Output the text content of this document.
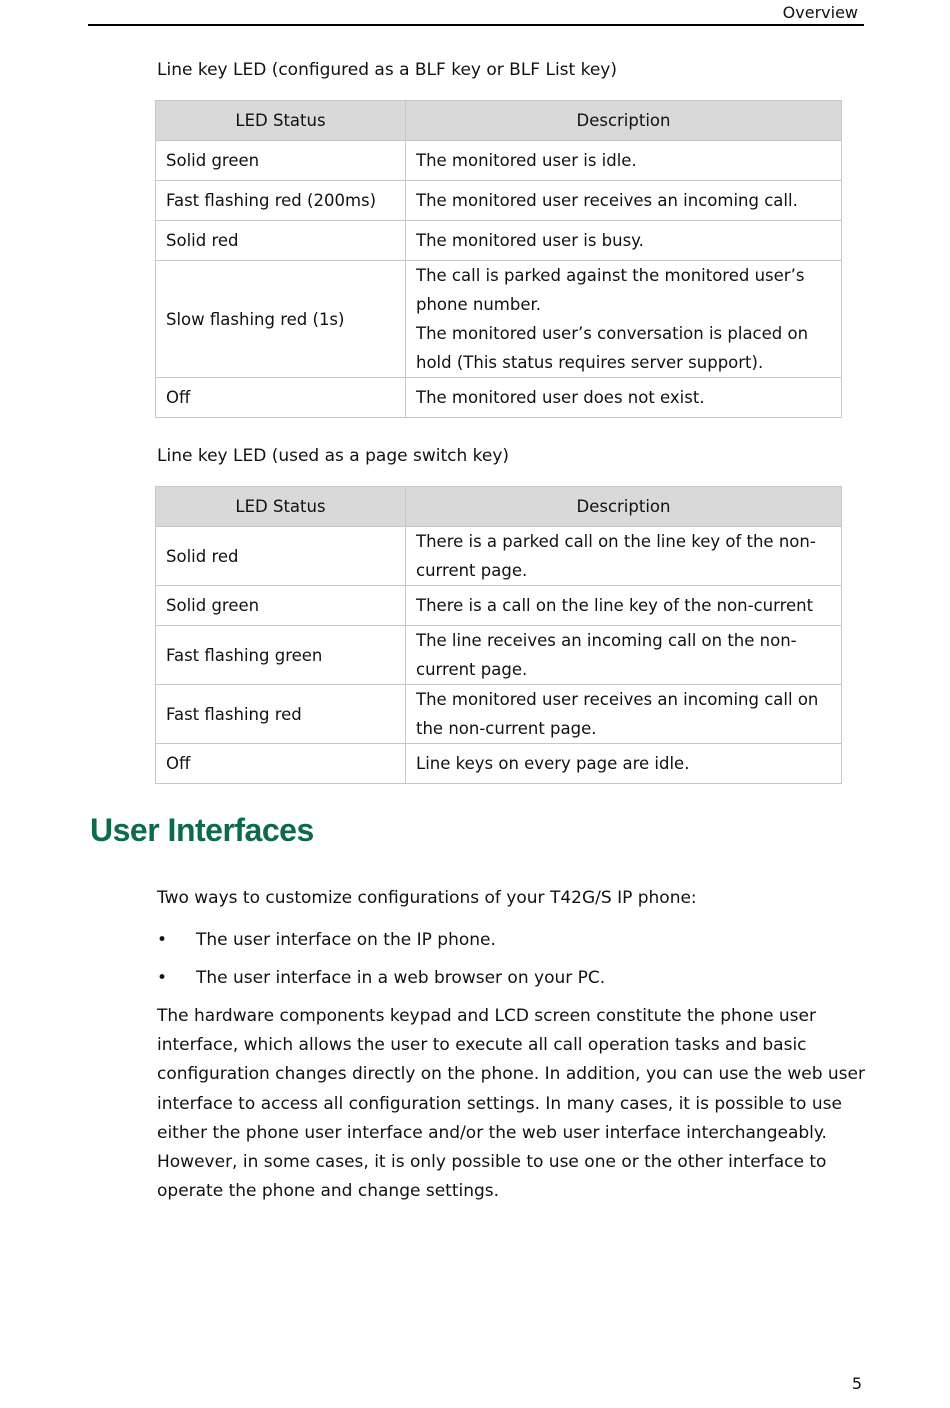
Overview
Line key LED (configured as a BLF key or BLF List key)
LED Status	Description
Solid green	The monitored user is idle.
Fast flashing red (200ms)	The monitored user receives an incoming call.
Solid red	The monitored user is busy.
Slow flashing red (1s)	The call is parked against the monitored user’s phone number.
The monitored user’s conversation is placed on hold (This status requires server support).

Off	The monitored user does not exist.
Line key LED (used as a page switch key)
LED Status	Description
Solid red	There is a parked call on the line key of the non-current page.
Solid green	There is a call on the line key of the non-current
Fast flashing green	The line receives an incoming call on the non-current page.
Fast flashing red	The monitored user receives an incoming call on the non-current page.
Off	Line keys on every page are idle.
User Interfaces
Two ways to customize configurations of your T42G/S IP phone:
• The user interface on the IP phone.
• The user interface in a web browser on your PC.
The hardware components keypad and LCD screen constitute the phone user interface, which allows the user to execute all call operation tasks and basic configuration changes directly on the phone. In addition, you can use the web user interface to access all configuration settings. In many cases, it is possible to use either the phone user interface and/or the web user interface interchangeably. However, in some cases, it is only possible to use one or the other interface to operate the phone and change settings.
5
